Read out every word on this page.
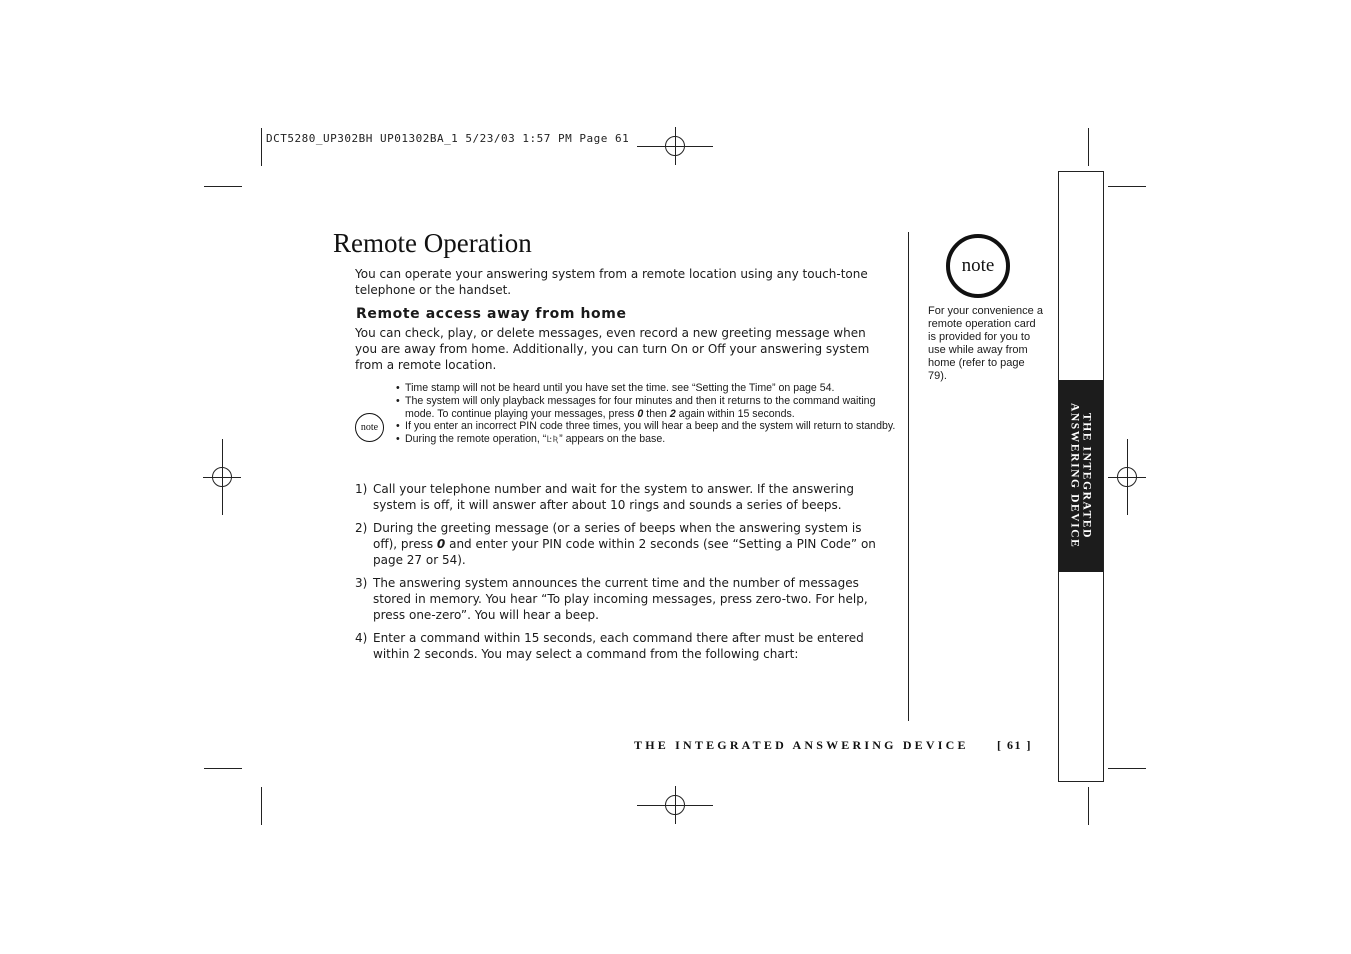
DCT5280_UP302BH UP01302BA_1 5/23/03 1:57 PM Page 61
Remote Operation
You can operate your answering system from a remote location using any touch-tone telephone or the handset.
Remote access away from home
You can check, play, or delete messages, even record a new greeting message when you are away from home. Additionally, you can turn On or Off your answering system from a remote location.
note
• Time stamp will not be heard until you have set the time. see “Setting the Time” on page 54.
• The system will only playback messages for four minutes and then it returns to the command waiting mode. To continue playing your messages, press 0 then 2 again within 15 seconds.
• If you enter an incorrect PIN code three times, you will hear a beep and the system will return to standby.
• During the remote operation, “ĿƦ” appears on the base.
1) Call your telephone number and wait for the system to answer. If the answering system is off, it will answer after about 10 rings and sounds a series of beeps.
2) During the greeting message (or a series of beeps when the answering system is off), press 0 and enter your PIN code within 2 seconds (see “Setting a PIN Code” on page 27 or 54).
3) The answering system announces the current time and the number of messages stored in memory. You hear “To play incoming messages, press zero-two. For help, press one-zero”. You will hear a beep.
4) Enter a command within 15 seconds, each command there after must be entered within 2 seconds. You may select a command from the following chart:
note
For your convenience a remote operation card is provided for you to use while away from home (refer to page 79).
THE INTEGRATED ANSWERING DEVICE
THE INTEGRATED ANSWERING DEVICE [ 61 ]
